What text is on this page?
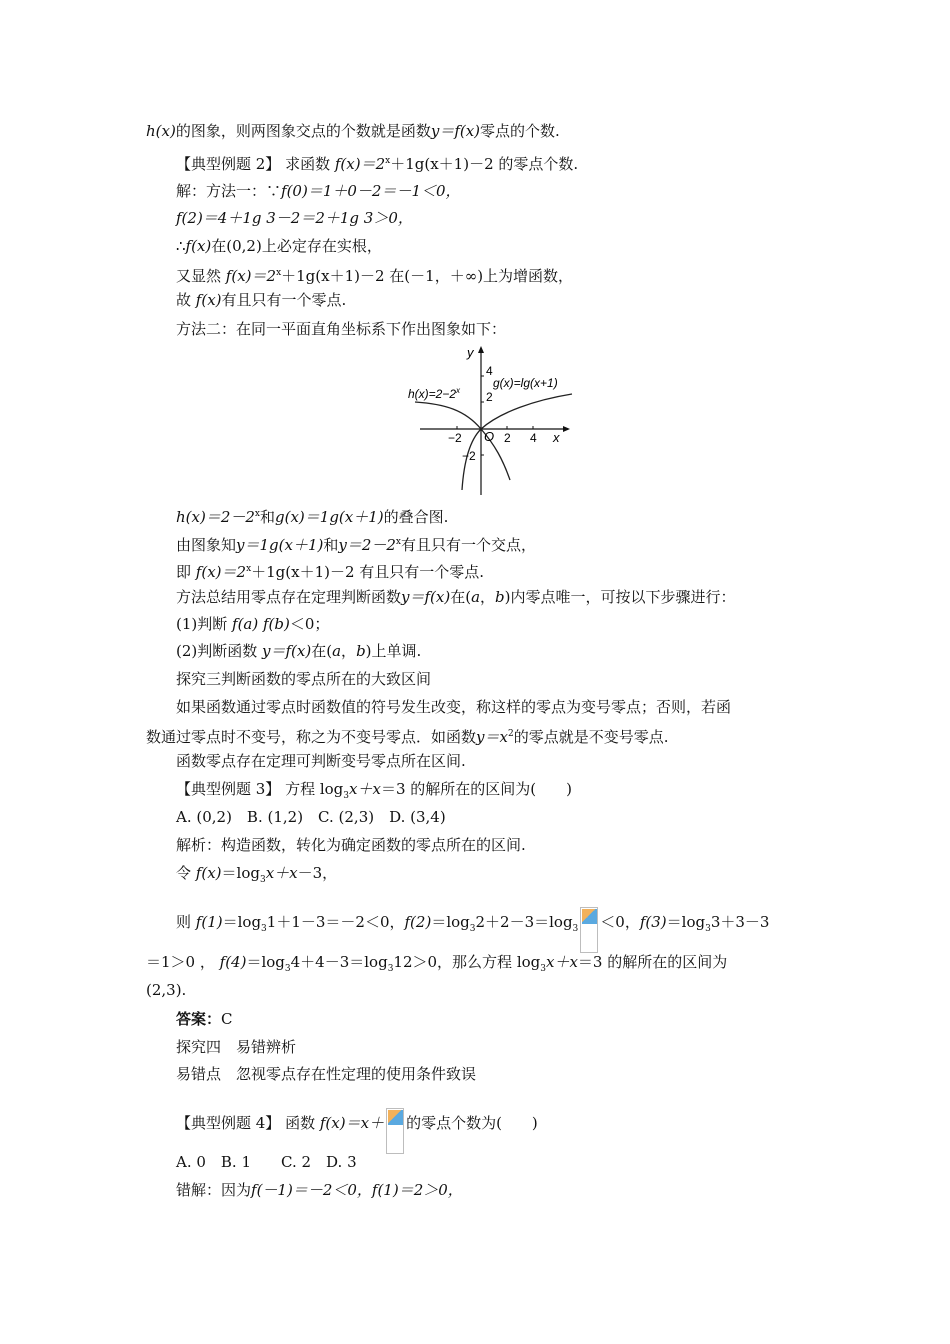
h(x)的图象，则两图象交点的个数就是函数y＝f(x)零点的个数.
【典型例题 2】 求函数 $f(x)=2^x+1g(x+1)-2$ 的零点个数.
解：方法一：∵f(0)＝1＋0－2＝－1＜0，
f(2)＝4＋1g 3－2＝2＋1g 3＞0，
∴f(x)在(0,2)上必定存在实根，
又显然 $f(x)=2^x+1g(x+1)-2$ 在(－1，＋∞)上为增函数，
故 f(x)有且只有一个零点.
方法二：在同一平面直角坐标系下作出图象如下：
y
x
O
4
2
−2
−2	2 4
$h(x)=2-2^x$
g(x)=lg(x+1)
$h(x)=2-2^x$和g(x)＝1g(x＋1)的叠合图.
由图象知y＝1g(x＋1)和$y=2-2^x$有且只有一个交点，
即 $f(x)=2^x+1g(x+1)-2$ 有且只有一个零点.
方法总结用零点存在定理判断函数y＝f(x)在(a，b)内零点唯一，可按以下步骤进行：
(1)判断 f(a) f(b)＜0；
(2)判断函数 y＝f(x)在(a，b)上单调.
探究三判断函数的零点所在的大致区间
如果函数通过零点时函数值的符号发生改变，称这样的零点为变号零点；否则，若函
数通过零点时不变号，称之为不变号零点．如函数$y=x^2$的零点就是不变号零点.
函数零点存在定理可判断变号零点所在区间.
【典型例题 3】 方程 $\log_3x+x=3$ 的解所在的区间为(　　)
A. (0,2)　B. (1,2)　C. (2,3)　D. (3,4)
解析：构造函数，转化为确定函数的零点所在的区间.
令 $f(x)=\log_3x+x-3$，
则 $f(1)=\log_31+1-3=-2<0$，$f(2)=\log_32+2-3=\log_3 <0$，$f(3)=\log_33+3-3$
＝1＞0 ， $f(4)=\log_34+4-3=\log_312>0$，那么方程 $\log_3x+x=3$ 的解所在的区间为
(2,3).
答案：C
探究四　易错辨析
易错点　忽视零点存在性定理的使用条件致误
【典型例题 4】 函数 f(x)＝x＋ 的零点个数为(　　)
A. 0　B. 1　　C. 2　D. 3
错解：因为f(－1)＝－2＜0，f(1)＝2＞0，
